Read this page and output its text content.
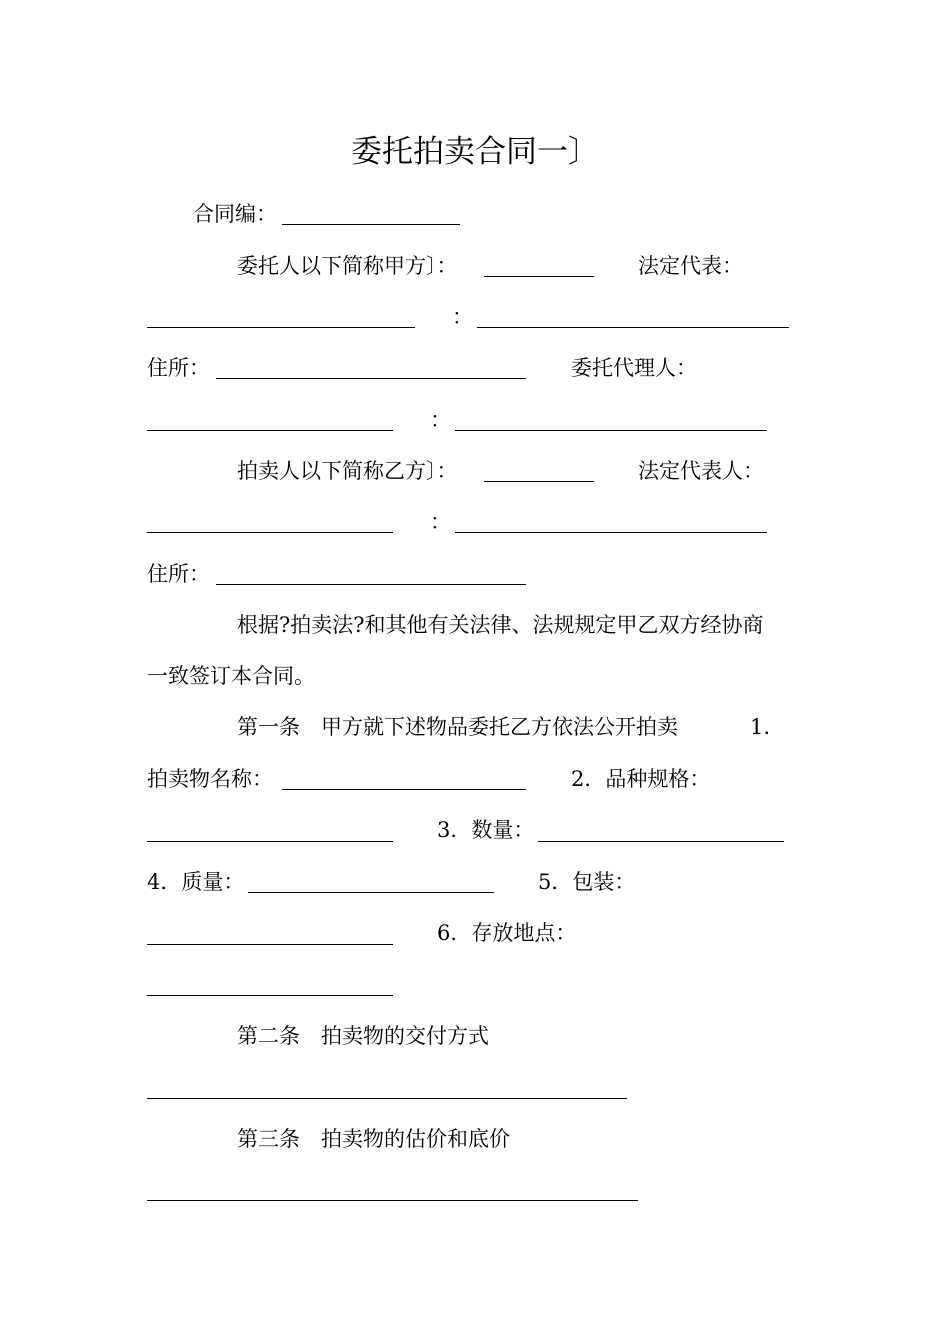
委托拍卖合同一〕
合同编：
委托人以下简称甲方〕：	法定代表：
：
住所：	委托代理人：
：
拍卖人以下简称乙方〕：	法定代表人：
：
住所：
根据?拍卖法?和其他有关法律、法规规定甲乙双方经协商
一致签订本合同。
第一条　甲方就下述物品委托乙方依法公开拍卖	1.
拍卖物名称：	2．品种规格：
3．数量：
4．质量：	5．包装：
6．存放地点：
第二条　拍卖物的交付方式
第三条　拍卖物的估价和底价
